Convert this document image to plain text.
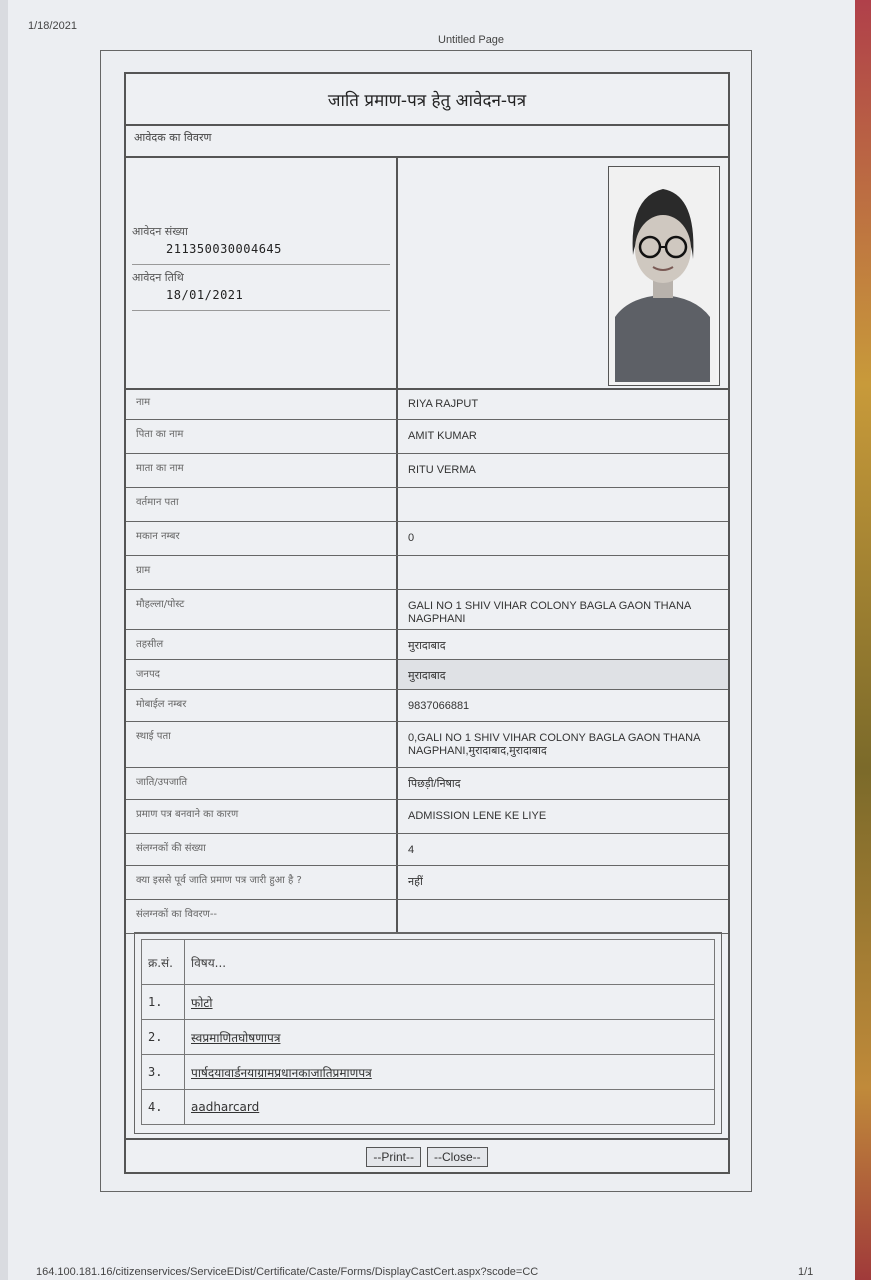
1/18/2021
Untitled Page
जाति प्रमाण-पत्र हेतु आवेदन-पत्र
आवेदक का विवरण
आवेदन संख्या
211350030004645
आवेदन तिथि
18/01/2021
नाम	RIYA RAJPUT
पिता का नाम	AMIT KUMAR
माता का नाम	RITU VERMA
वर्तमान पता
मकान नम्बर	0
ग्राम
मौहल्ला/पोस्ट	GALI NO 1 SHIV VIHAR COLONY BAGLA GAON THANA NAGPHANI
तहसील	मुरादाबाद
जनपद	मुरादाबाद
मोबाईल नम्बर	9837066881
स्थाई पता	0,GALI NO 1 SHIV VIHAR COLONY BAGLA GAON THANA NAGPHANI,मुरादाबाद,मुरादाबाद
जाति/उपजाति	पिछड़ी/निषाद
प्रमाण पत्र बनवाने का कारण	ADMISSION LENE KE LIYE
संलग्नकों की संख्या	4
क्या इससे पूर्व जाति प्रमाण पत्र जारी हुआ है ?	नहीं
संलग्नकों का विवरण--
क्र.सं.	विषय...
1.	फोटो
2.	स्वप्रमाणितघोषणापत्र
3.	पार्षदयावार्डनयाग्रामप्रधानकाजातिप्रमाणपत्र
4.	aadharcard
--Print--	--Close--
164.100.181.16/citizenservices/ServiceEDist/Certificate/Caste/Forms/DisplayCastCert.aspx?scode=CC	1/1
